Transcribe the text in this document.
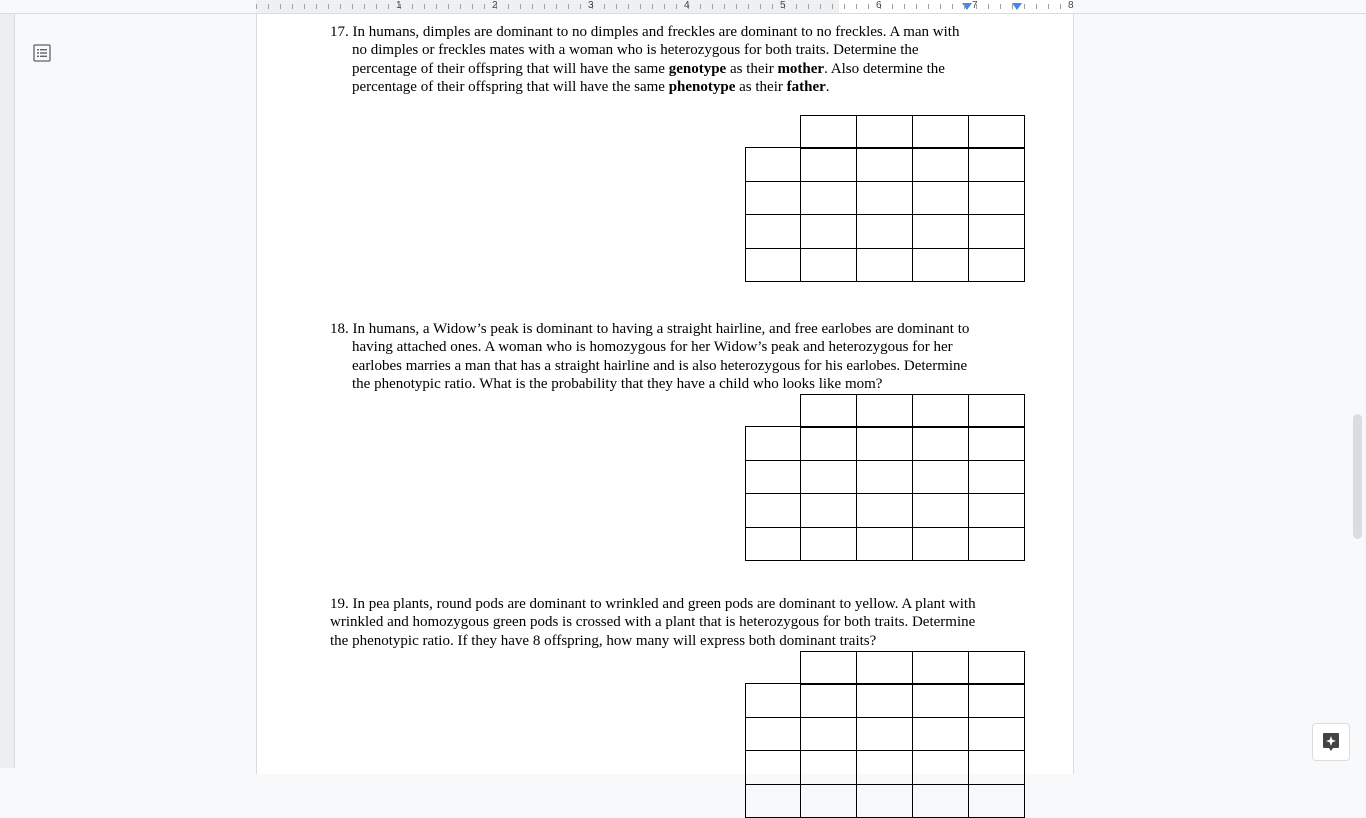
1	2	3	4	5	6	7	8
17. In humans, dimples are dominant to no dimples and freckles are dominant to no freckles. A man with
no dimples or freckles mates with a woman who is heterozygous for both traits. Determine the
percentage of their offspring that will have the same genotype as their mother. Also determine the
percentage of their offspring that will have the same phenotype as their father.
18. In humans, a Widow’s peak is dominant to having a straight hairline, and free earlobes are dominant to
having attached ones. A woman who is homozygous for her Widow’s peak and heterozygous for her
earlobes marries a man that has a straight hairline and is also heterozygous for his earlobes. Determine
the phenotypic ratio. What is the probability that they have a child who looks like mom?
19. In pea plants, round pods are dominant to wrinkled and green pods are dominant to yellow. A plant with
wrinkled and homozygous green pods is crossed with a plant that is heterozygous for both traits. Determine
the phenotypic ratio. If they have 8 offspring, how many will express both dominant traits?
